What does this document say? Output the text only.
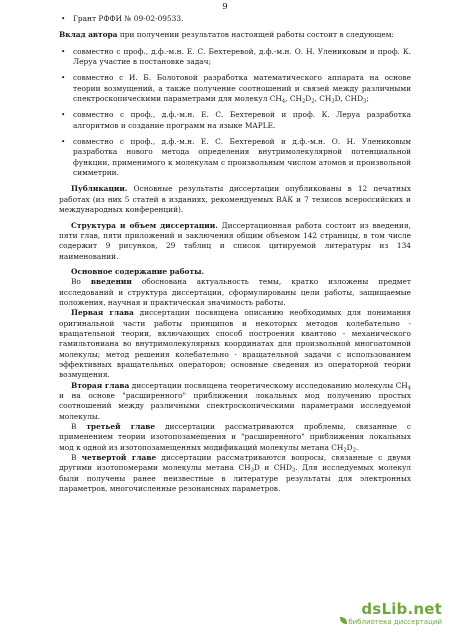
9
• Грант РФФИ № 09-02-09533.

Вклад автора при получении результатов настоящей работы состоит в следующем:

• совместно с проф., д.ф.-м.н. Е. С. Бехтеревой, д.ф.-м.н. О. Н. Улениковым и проф. К. Леруа участие в постановке задач;
• совместно с И. Б. Болотовой разработка математического аппарата на основе теории возмущений, а также получение соотношений и связей между различными спектроскопическими параметрами для молекул $CH_4$, $CH_2D_2$, $CH_3D$, $CHD_3$;
• совместно с проф., д.ф.-м.н. Е. С. Бехтеревой и проф. К. Леруа разработка алгоритмов и создание программ на языке MAPLE.
• совместно с проф., д.ф.-м.н. Е. С. Бехтеревой и д.ф.-м.н. О. Н. Улениковым разработка нового метода определения внутримолекулярной потенциальной функции, применимого к молекулам с произвольным числом атомов и произвольной симметрии.

Публикации. Основные результаты диссертации опубликованы в 12 печатных работах (из них 5 статей в изданиях, рекомендуемых ВАК и 7 тезисов всероссийских и международных конференций).

Структура и объем диссертации. Диссертационная работа состоит из введения, пяти глав, пяти приложений и заключения общим объемом 142 страницы, в том числе содержит 9 рисунков, 29 таблиц и список цитируемой литературы из 134 наименований.

Основное содержание работы.

Во введении обоснована актуальность темы, кратко изложены предмет исследований и структура диссертации, сформулированы цели работы, защищаемые положения, научная и практическая значимость работы.

Первая глава диссертации посвящена описанию необходимых для понимания оригинальной части работы принципов и некоторых методов колебательно - вращательной теории, включающих способ построения квантово - механического гамильтониана во внутримолекулярных координатах для произвольной многоатомной молекулы; метод решения колебательно - вращательной задачи с использованием эффективных вращательных операторов; основные сведения из операторной теории возмущения.

Вторая глава диссертации посвящена теоретическому исследованию молекулы $CH_4$ и на основе "расширенного" приближения локальных мод получению простых соотношений между различными спектроскопическими параметрами исследуемой молекулы.

В третьей главе диссертации рассматриваются проблемы, связанные с применением теории изотопозамещения и "расширенного" приближения локальных мод к одной из изотопозамещенных модификаций молекулы метана $CH_2D_2$.

В четвертой главе диссертации рассматриваются вопросы, связанные с двумя другими изотопомерами молекулы метана $CH_3D$ и $CHD_3$. Для исследуемых молекул были получены ранее неизвестные в литературе результаты для электронных параметров, многочисленные резонансных параметров.

dsLib.net
библиотека диссертаций
